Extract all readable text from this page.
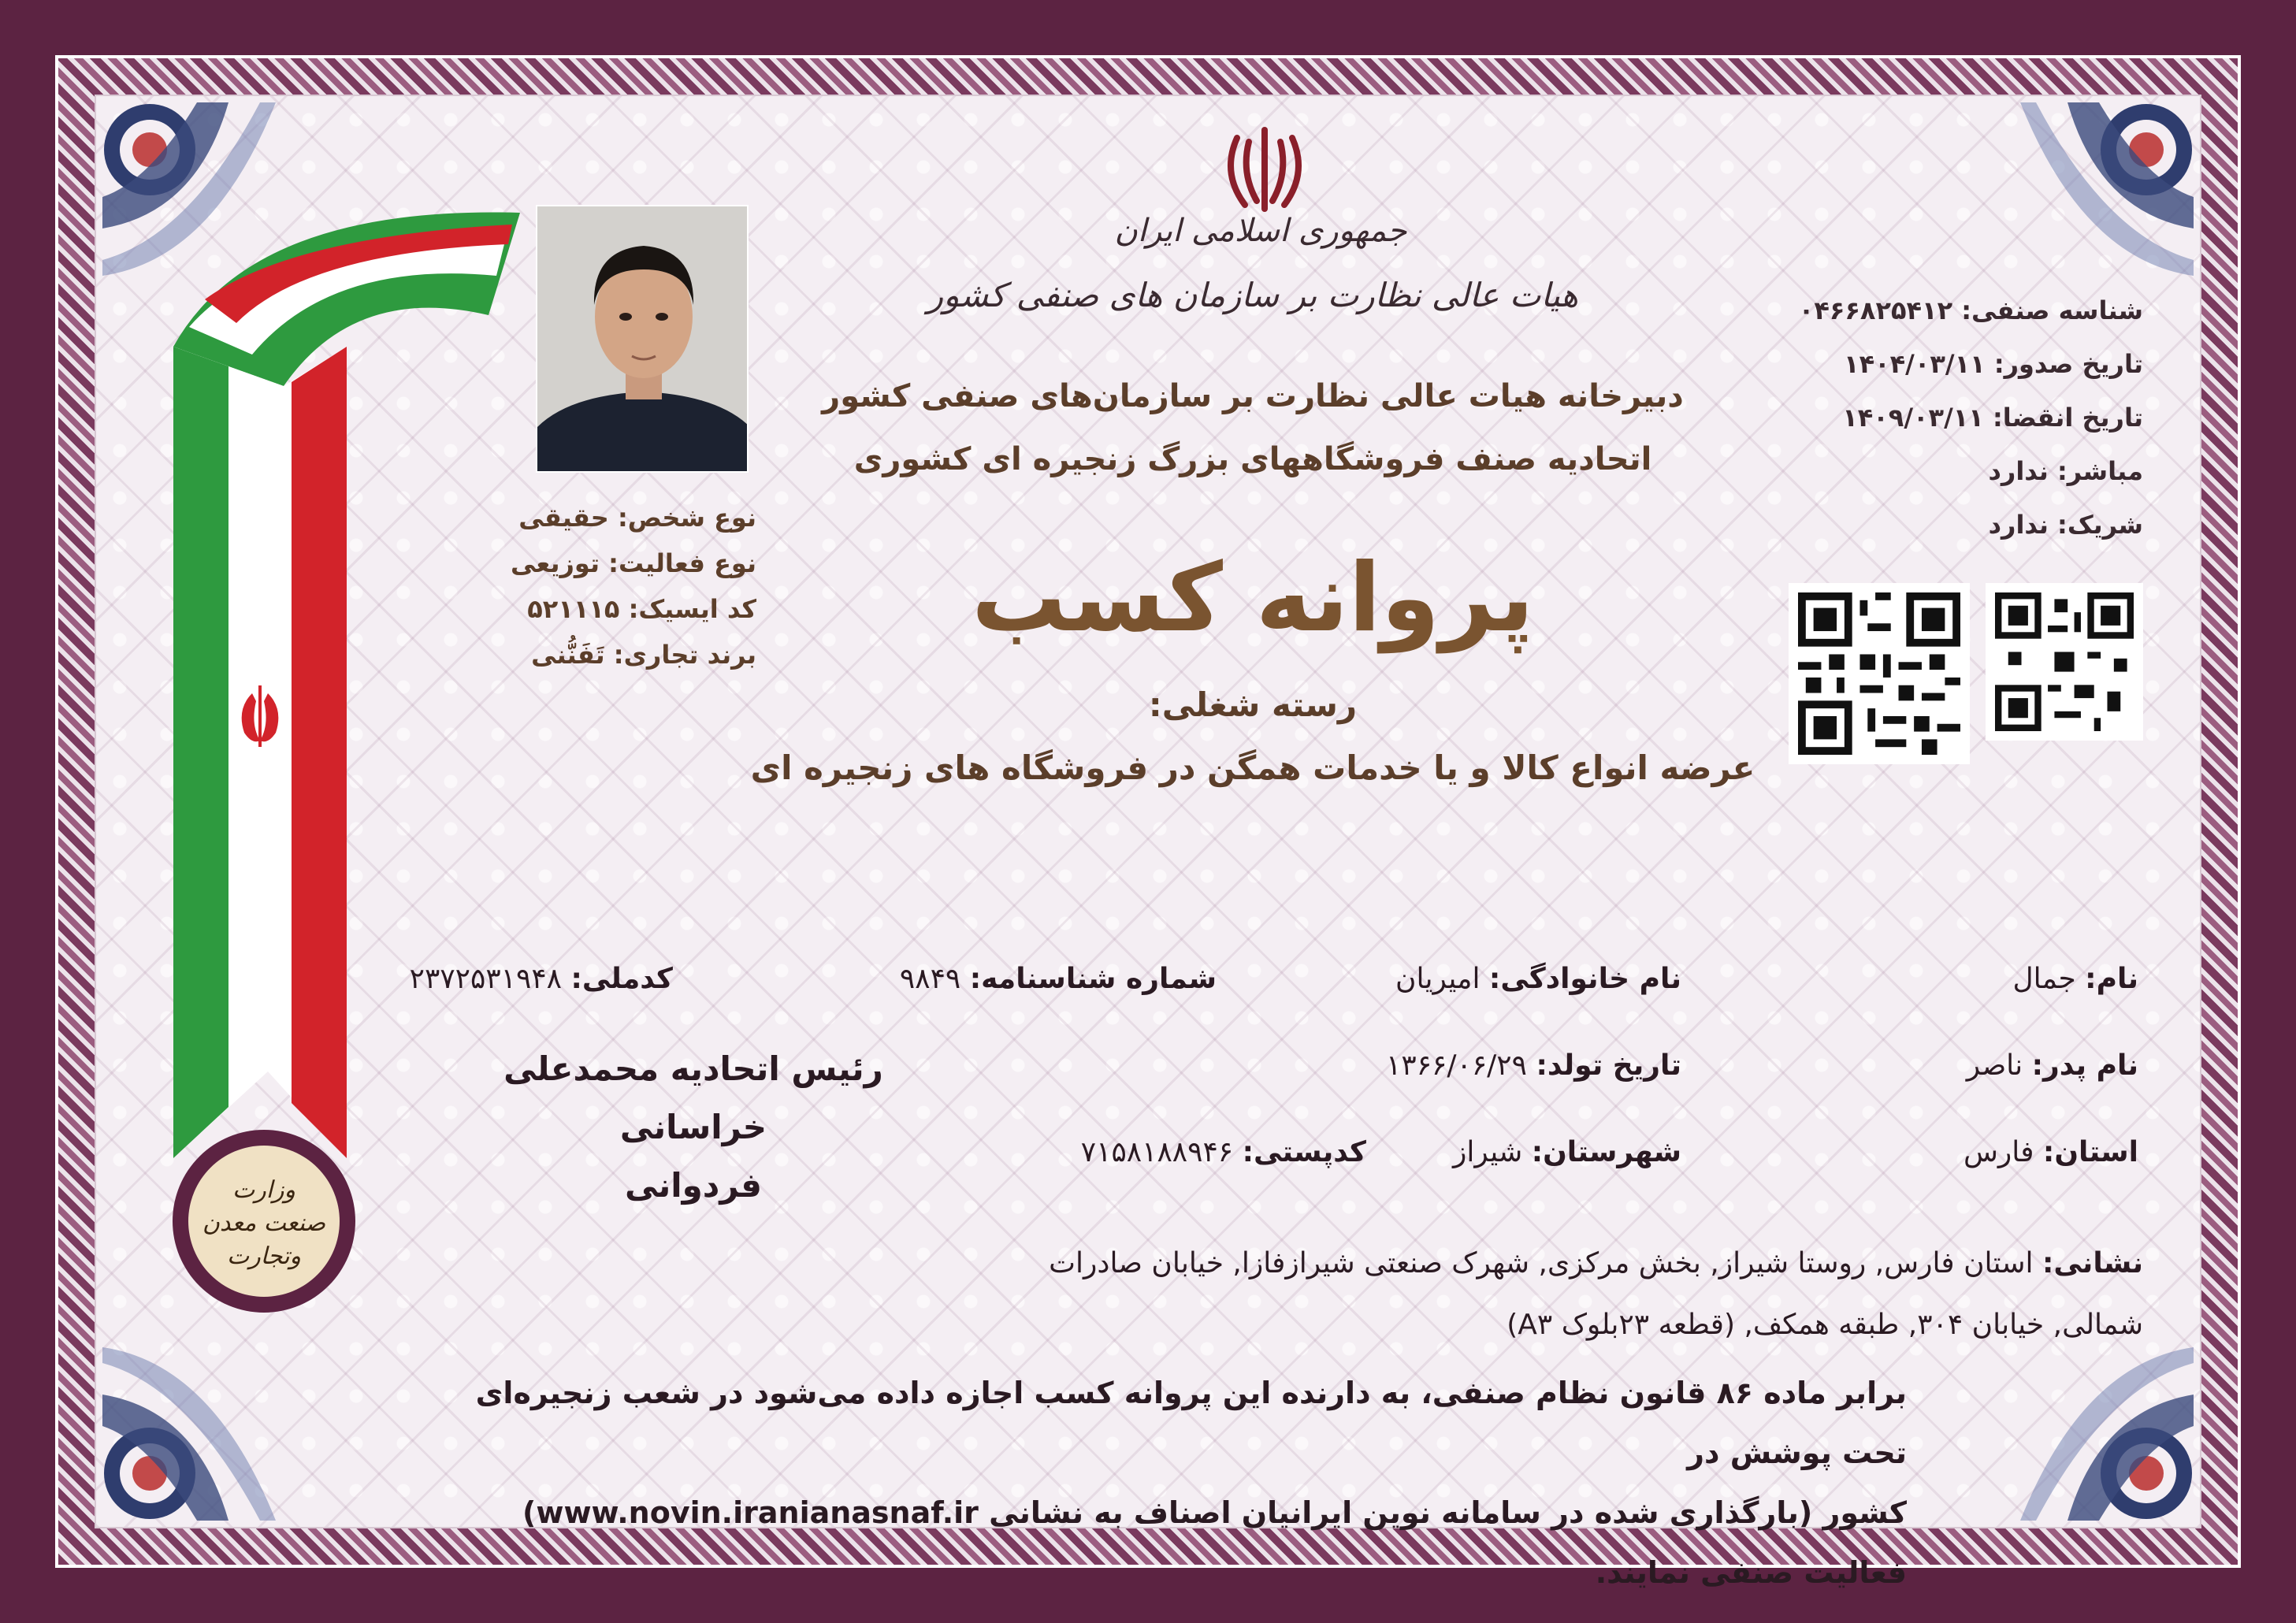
جمهوری اسلامی ایران
هیات عالی نظارت بر سازمان های صنفی کشور
دبیرخانه هیات عالی نظارت بر سازمان‌های صنفی کشور
اتحادیه صنف فروشگاههای بزرگ زنجیره ای کشوری
پروانه کسب
رسته شغلی:
عرضه انواع کالا و یا خدمات همگن در فروشگاه های زنجیره ای
شناسه صنفی: ۰۴۶۶۸۲۵۴۱۲
تاریخ صدور: ۱۴۰۴/۰۳/۱۱
تاریخ انقضا: ۱۴۰۹/۰۳/۱۱
مباشر: ندارد
شریک: ندارد
نوع شخص: حقیقی
نوع فعالیت: توزیعی
کد ایسیک: ۵۲۱۱۱۵
برند تجاری: تَفَنُّنی
وزارت
صنعت معدن
وتجارت
نام: جمال
نام خانوادگی: امیریان
شماره شناسنامه: ۹۸۴۹
کدملی: ۲۳۷۲۵۳۱۹۴۸
نام پدر: ناصر
تاریخ تولد: ۱۳۶۶/۰۶/۲۹
استان: فارس
شهرستان: شیراز
کدپستی: ۷۱۵۸۱۸۸۹۴۶
رئیس اتحادیه محمدعلی خراسانی
فردوانی
نشانی: استان فارس, روستا شیراز, بخش مرکزی, شهرک صنعتی شیرازفازا, خیابان صادرات
شمالی, خیابان ۳۰۴, طبقه همکف, (قطعه ۲۳بلوک A۳)
برابر ماده ۸۶ قانون نظام صنفی، به دارنده این پروانه کسب اجازه داده می‌شود در شعب زنجیره‌ای تحت پوشش در
کشور (بارگذاری شده در سامانه نوین ایرانیان اصناف به نشانی www.novin.iranianasnaf.ir) فعالیت صنفی نمایند.
